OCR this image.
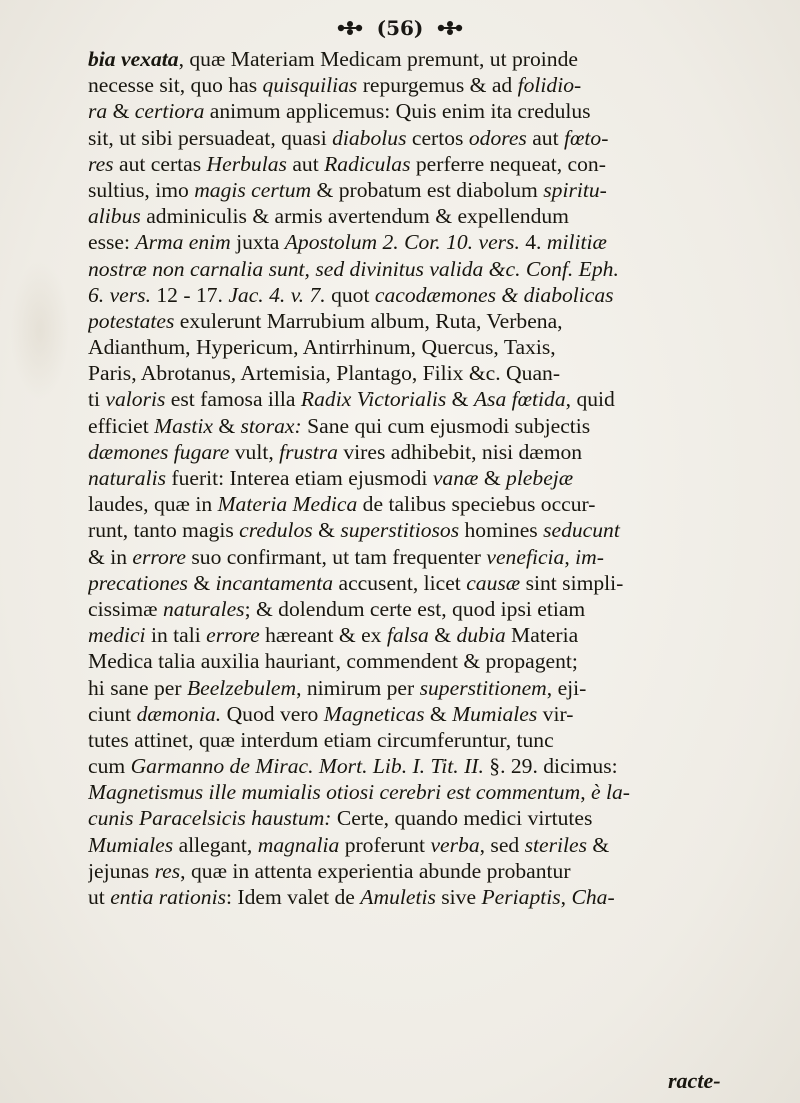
(56)
bia vexata, quæ Materiam Medicam premunt, ut proinde
necesse sit, quo has quisquilias repurgemus & ad folidio-
ra & certiora animum applicemus: Quis enim ita credulus
sit, ut sibi persuadeat, quasi diabolus certos odores aut fœto-
res aut certas Herbulas aut Radiculas perferre nequeat, con-
sultius, imo magis certum & probatum est diabolum spiritu-
alibus adminiculis & armis avertendum & expellendum
esse: Arma enim juxta Apostolum 2. Cor. 10. vers. 4. militiæ
nostræ non carnalia sunt, sed divinitus valida &c. Conf. Eph.
6. vers. 12 - 17. Jac. 4. v. 7. quot cacodæmones & diabolicas
potestates exulerunt Marrubium album, Ruta, Verbena,
Adianthum, Hypericum, Antirrhinum, Quercus, Taxis,
Paris, Abrotanus, Artemisia, Plantago, Filix &c. Quan-
ti valoris est famosa illa Radix Victorialis & Asa fœtida, quid
efficiet Mastix & storax: Sane qui cum ejusmodi subjectis
dæmones fugare vult, frustra vires adhibebit, nisi dæmon
naturalis fuerit: Interea etiam ejusmodi vanæ & plebejæ
laudes, quæ in Materia Medica de talibus speciebus occur-
runt, tanto magis credulos & superstitiosos homines seducunt
& in errore suo confirmant, ut tam frequenter veneficia, im-
precationes & incantamenta accusent, licet causæ sint simpli-
cissimæ naturales; & dolendum certe est, quod ipsi etiam
medici in tali errore hæreant & ex falsa & dubia Materia
Medica talia auxilia hauriant, commendent & propagent;
hi sane per Beelzebulem, nimirum per superstitionem, eji-
ciunt dæmonia. Quod vero Magneticas & Mumiales vir-
tutes attinet, quæ interdum etiam circumferuntur, tunc
cum Garmanno de Mirac. Mort. Lib. I. Tit. II. §. 29. dicimus:
Magnetismus ille mumialis otiosi cerebri est commentum, è la-
cunis Paracelsicis haustum: Certe, quando medici virtutes
Mumiales allegant, magnalia proferunt verba, sed steriles &
jejunas res, quæ in attenta experientia abunde probantur
ut entia rationis: Idem valet de Amuletis sive Periaptis, Cha-
racte-
